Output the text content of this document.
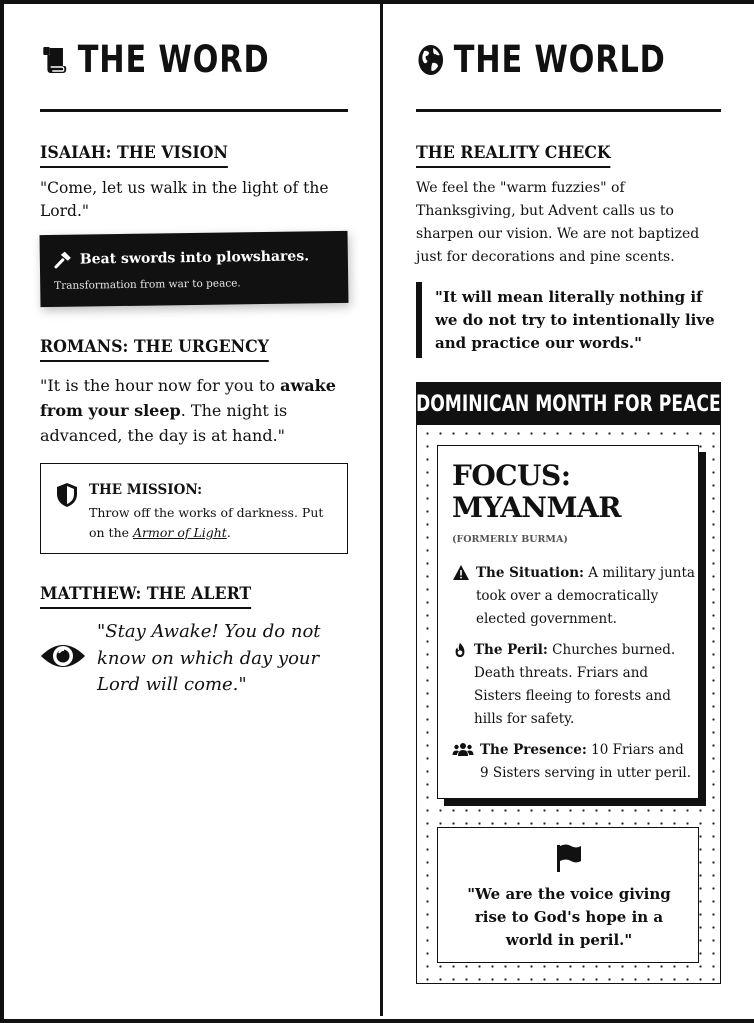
THE WORD
ISAIAH: THE VISION
"Come, let us walk in the light of the Lord."
Beat swords into plowshares.
Transformation from war to peace.
ROMANS: THE URGENCY
"It is the hour now for you to awake from your sleep. The night is advanced, the day is at hand."
THE MISSION:
Throw off the works of darkness. Put on the Armor of Light.
MATTHEW: THE ALERT
"Stay Awake! You do not know on which day your Lord will come."
THE WORLD
THE REALITY CHECK
We feel the "warm fuzzies" of Thanksgiving, but Advent calls us to sharpen our vision. We are not baptized just for decorations and pine scents.
"It will mean literally nothing if we do not try to intentionally live and practice our words."
DOMINICAN MONTH FOR PEACE
FOCUS:
MYANMAR
(FORMERLY BURMA)
The Situation: A military junta took over a democratically elected government.
The Peril: Churches burned. Death threats. Friars and Sisters fleeing to forests and hills for safety.
The Presence: 10 Friars and 9 Sisters serving in utter peril.
"We are the voice giving rise to God's hope in a world in peril."
